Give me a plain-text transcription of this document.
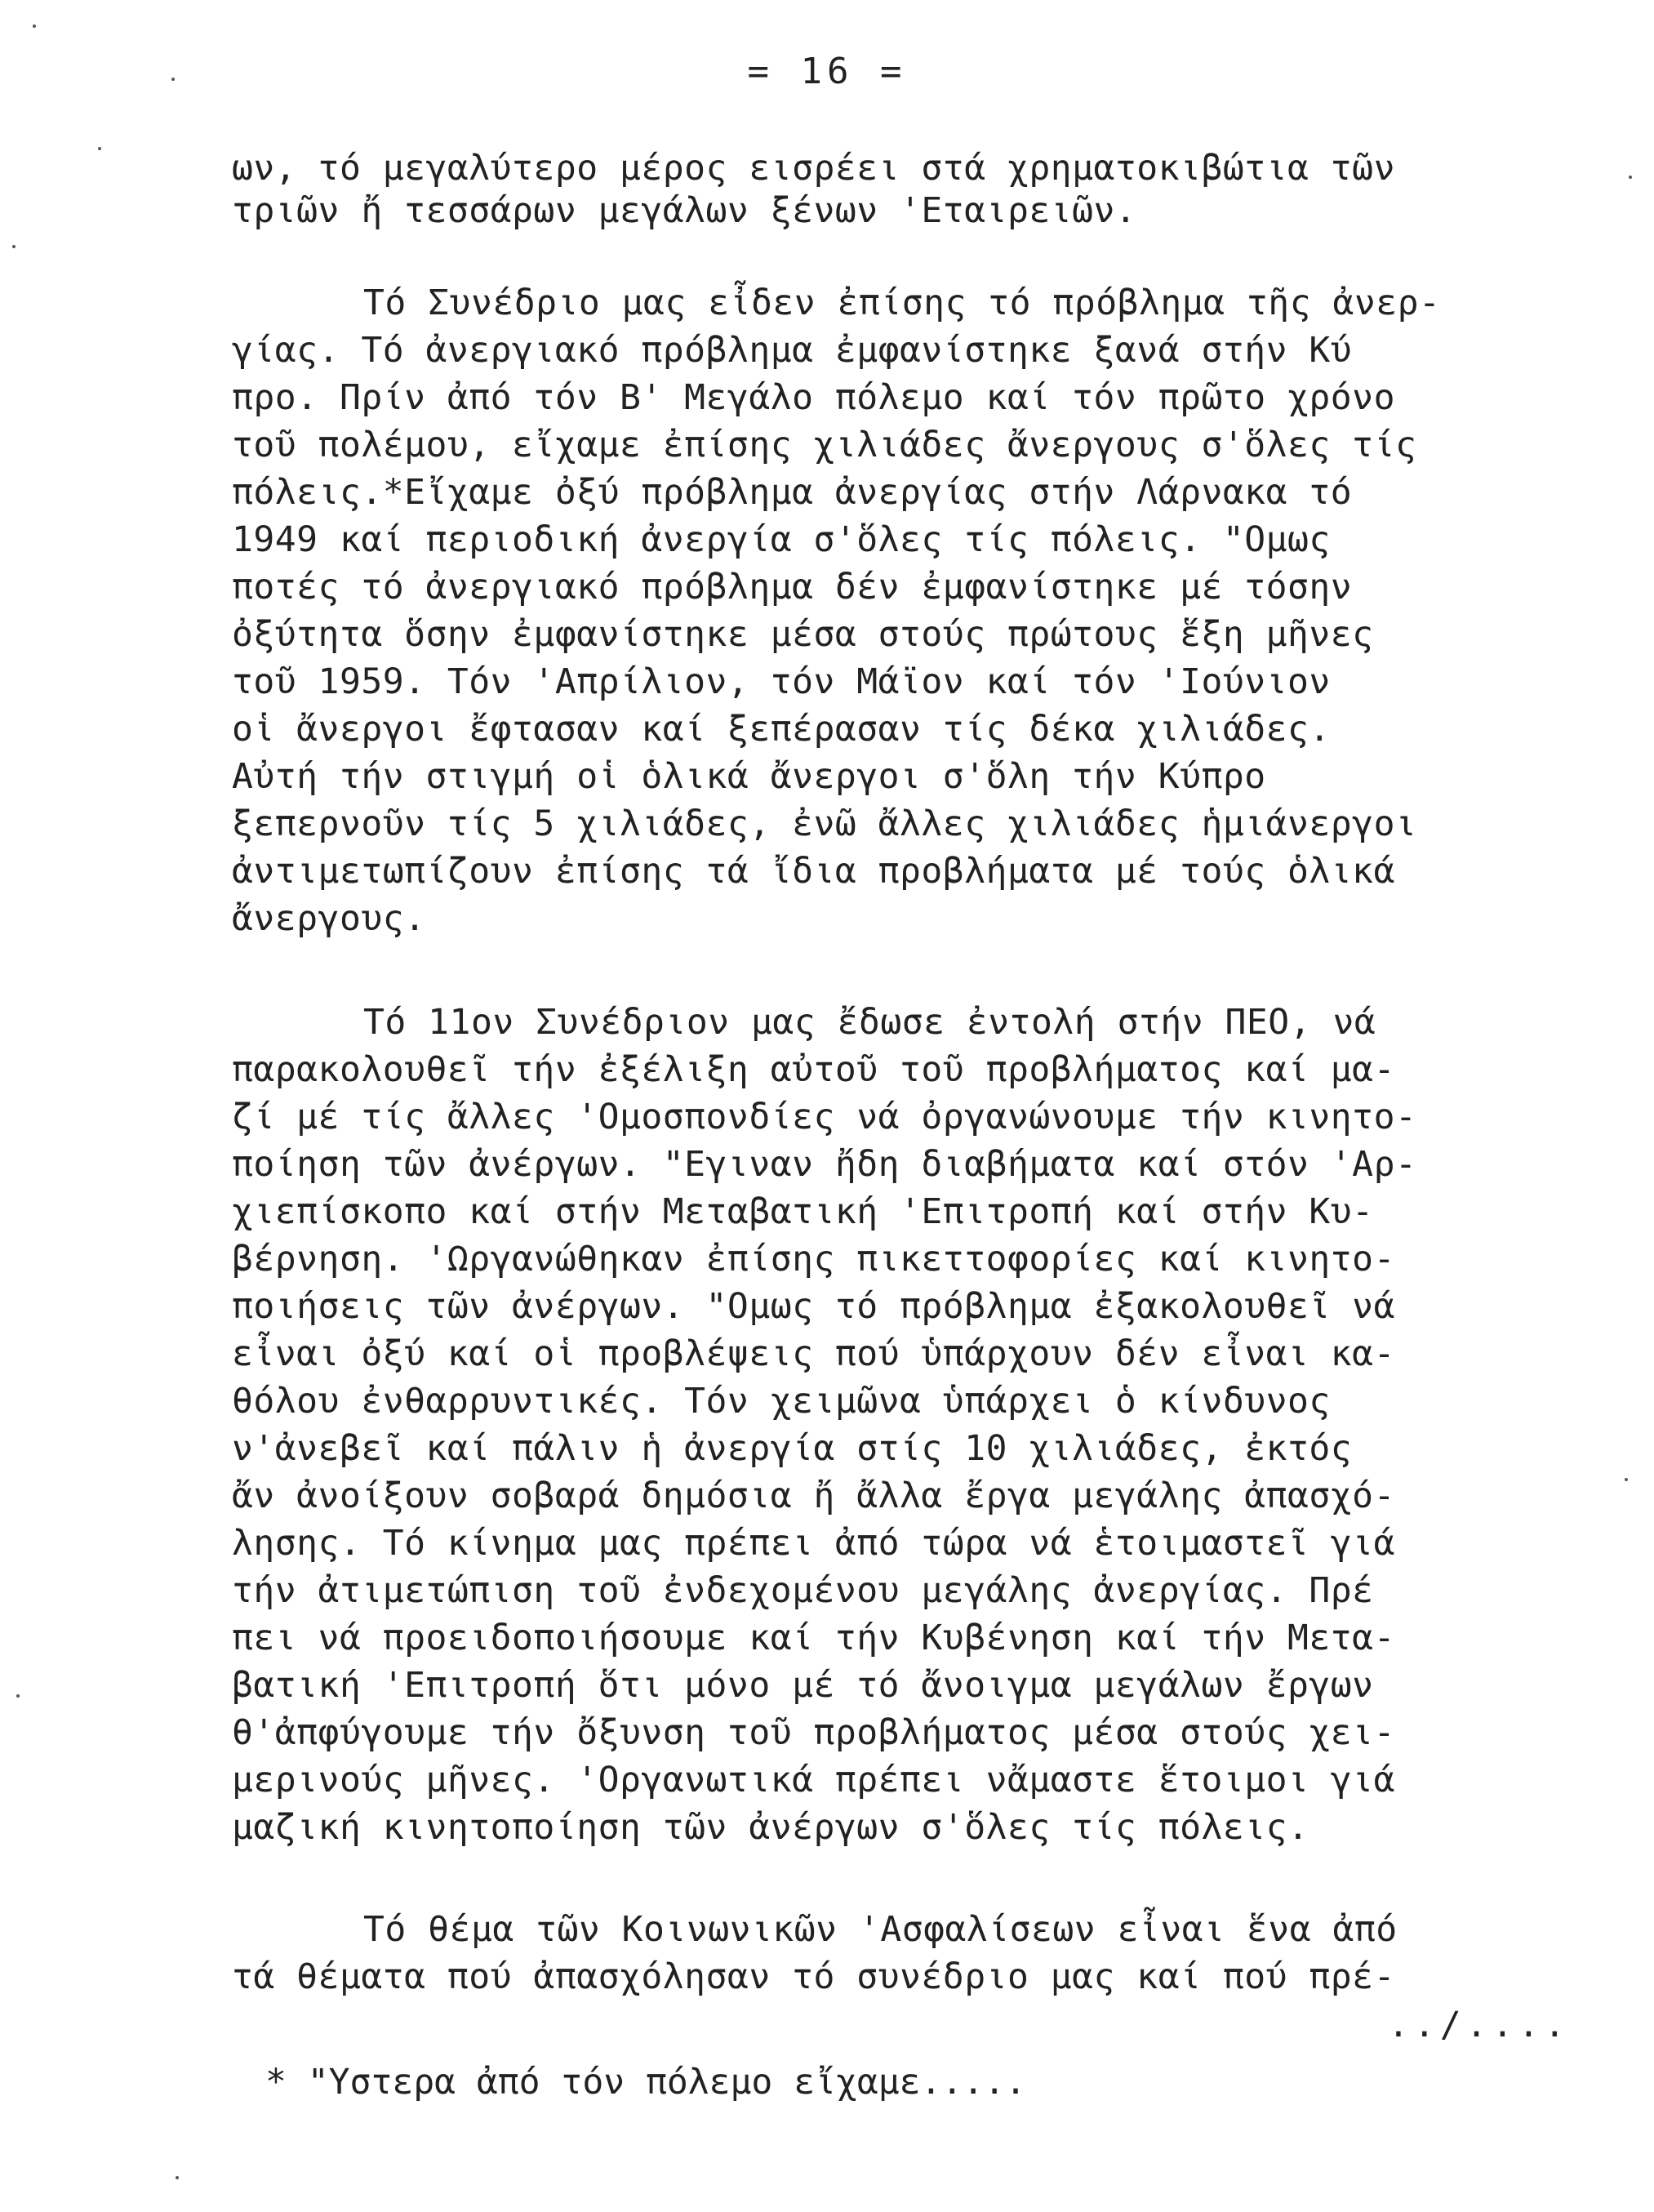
= 16 =
ων, τό μεγαλύτερο μέρος εισρέει στά χρηματοκιβώτια τῶν
τριῶν ἤ τεσσάρων μεγάλων ξένων 'Εταιρειῶν.
Τό Συνέδριο μας εἶδεν ἐπίσης τό πρόβλημα τῆς ἀνερ-
γίας. Τό ἀνεργιακό πρόβλημα ἐμφανίστηκε ξανά στήν Κύ
προ. Πρίν ἀπό τόν Β' Μεγάλο πόλεμο καί τόν πρῶτο χρόνο
τοῦ πολέμου, εἴχαμε ἐπίσης χιλιάδες ἄνεργους σ'ὅλες τίς
πόλεις.*Εἴχαμε ὀξύ πρόβλημα ἀνεργίας στήν Λάρνακα τό
1949 καί περιοδική ἀνεργία σ'ὅλες τίς πόλεις. "Ομως
ποτές τό ἀνεργιακό πρόβλημα δέν ἐμφανίστηκε μέ τόσην
ὀξύτητα ὅσην ἐμφανίστηκε μέσα στούς πρώτους ἕξη μῆνες
τοῦ 1959. Τόν 'Απρίλιον, τόν Μάϊον καί τόν 'Ιούνιον
οἱ ἄνεργοι ἔφτασαν καί ξεπέρασαν τίς δέκα χιλιάδες.
Αὐτή τήν στιγμή οἱ ὁλικά ἄνεργοι σ'ὅλη τήν Κύπρο
ξεπερνοῦν τίς 5 χιλιάδες, ἐνῶ ἄλλες χιλιάδες ἡμιάνεργοι
ἀντιμετωπίζουν ἐπίσης τά ἴδια προβλήματα μέ τούς ὁλικά
ἄνεργους.
Τό 11ον Συνέδριον μας ἔδωσε ἐντολή στήν ΠΕΟ, νά
παρακολουθεῖ τήν ἐξέλιξη αὐτοῦ τοῦ προβλήματος καί μα-
ζί μέ τίς ἄλλες 'Ομοσπονδίες νά ὀργανώνουμε τήν κινητο-
ποίηση τῶν ἀνέργων. "Εγιναν ἤδη διαβήματα καί στόν 'Αρ-
χιεπίσκοπο καί στήν Μεταβατική 'Επιτροπή καί στήν Κυ-
βέρνηση. 'Ωργανώθηκαν ἐπίσης πικεττοφορίες καί κινητο-
ποιήσεις τῶν ἀνέργων. "Ομως τό πρόβλημα ἐξακολουθεῖ νά
εἶναι ὀξύ καί οἱ προβλέψεις πού ὑπάρχουν δέν εἶναι κα-
θόλου ἐνθαρρυντικές. Τόν χειμῶνα ὑπάρχει ὁ κίνδυνος
ν'ἀνεβεῖ καί πάλιν ἡ ἀνεργία στίς 10 χιλιάδες, ἐκτός
ἄν ἀνοίξουν σοβαρά δημόσια ἤ ἄλλα ἔργα μεγάλης ἀπασχό-
λησης. Τό κίνημα μας πρέπει ἀπό τώρα νά ἑτοιμαστεῖ γιά
τήν ἀτιμετώπιση τοῦ ἐνδεχομένου μεγάλης ἀνεργίας. Πρέ
πει νά προειδοποιήσουμε καί τήν Κυβένηση καί τήν Μετα-
βατική 'Επιτροπή ὅτι μόνο μέ τό ἄνοιγμα μεγάλων ἔργων
θ'ἀπφύγουμε τήν ὄξυνση τοῦ προβλήματος μέσα στούς χει-
μερινούς μῆνες. 'Οργανωτικά πρέπει νἄμαστε ἕτοιμοι γιά
μαζική κινητοποίηση τῶν ἀνέργων σ'ὅλες τίς πόλεις.
Τό θέμα τῶν Κοινωνικῶν 'Ασφαλίσεων εἶναι ἕνα ἀπό
τά θέματα πού ἀπασχόλησαν τό συνέδριο μας καί πού πρέ-
../....
* "Υστερα ἀπό τόν πόλεμο εἴχαμε.....
